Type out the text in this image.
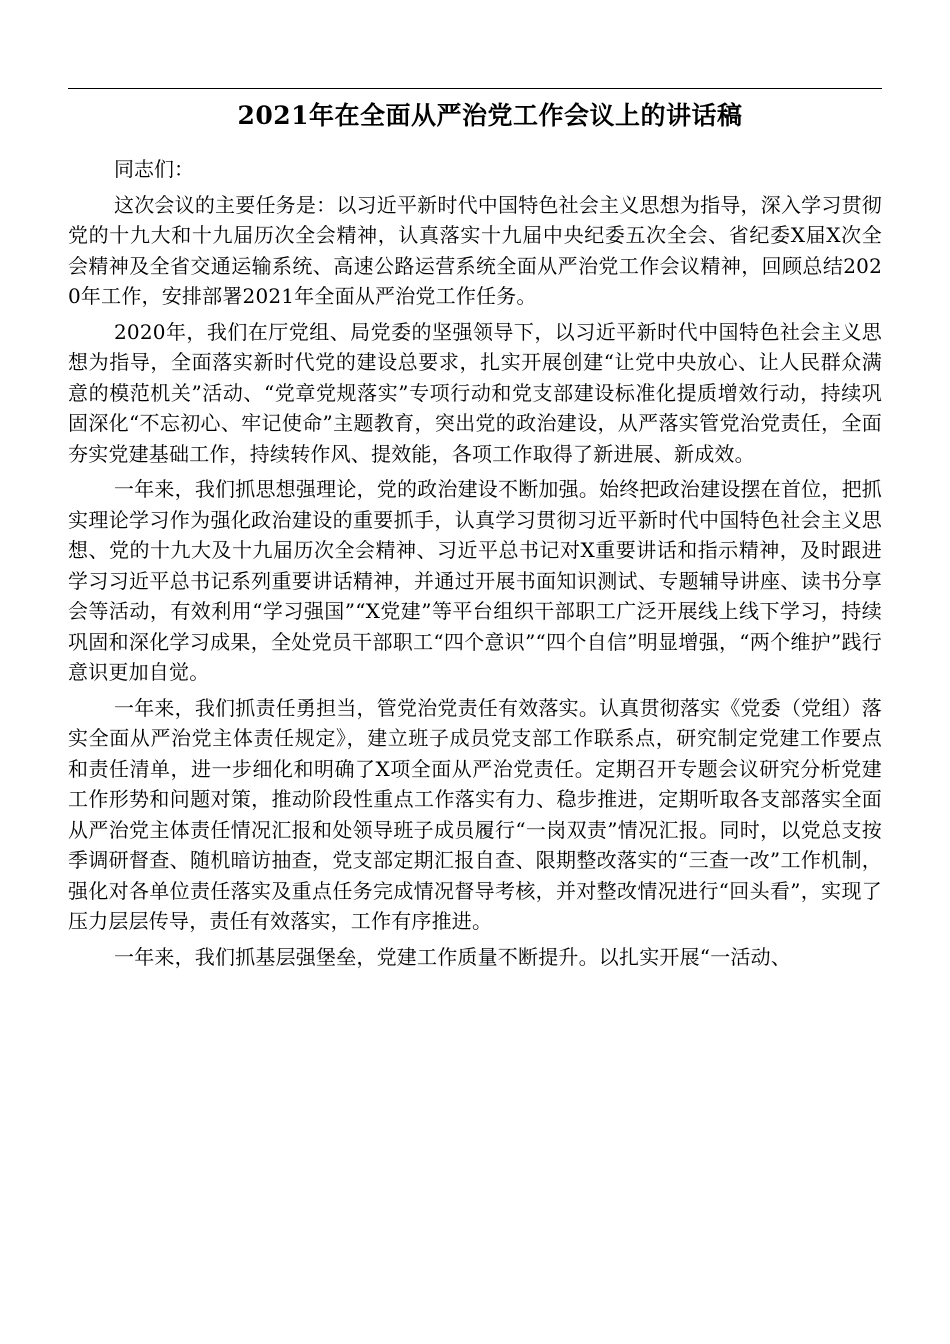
2021年在全面从严治党工作会议上的讲话稿

同志们：

这次会议的主要任务是：以习近平新时代中国特色社会主义思想为指导，深入学习贯彻党的十九大和十九届历次全会精神，认真落实十九届中央纪委五次全会、省纪委X届X次全会精神及全省交通运输系统、高速公路运营系统全面从严治党工作会议精神，回顾总结2020年工作，安排部署2021年全面从严治党工作任务。

2020年，我们在厅党组、局党委的坚强领导下，以习近平新时代中国特色社会主义思想为指导，全面落实新时代党的建设总要求，扎实开展创建“让党中央放心、让人民群众满意的模范机关”活动、“党章党规落实”专项行动和党支部建设标准化提质增效行动，持续巩固深化“不忘初心、牢记使命”主题教育，突出党的政治建设，从严落实管党治党责任，全面夯实党建基础工作，持续转作风、提效能，各项工作取得了新进展、新成效。

一年来，我们抓思想强理论，党的政治建设不断加强。始终把政治建设摆在首位，把抓实理论学习作为强化政治建设的重要抓手，认真学习贯彻习近平新时代中国特色社会主义思想、党的十九大及十九届历次全会精神、习近平总书记对X重要讲话和指示精神，及时跟进学习习近平总书记系列重要讲话精神，并通过开展书面知识测试、专题辅导讲座、读书分享会等活动，有效利用“学习强国”“X党建”等平台组织干部职工广泛开展线上线下学习，持续巩固和深化学习成果，全处党员干部职工“四个意识”“四个自信”明显增强，“两个维护”践行意识更加自觉。

一年来，我们抓责任勇担当，管党治党责任有效落实。认真贯彻落实《党委（党组）落实全面从严治党主体责任规定》，建立班子成员党支部工作联系点，研究制定党建工作要点和责任清单，进一步细化和明确了X项全面从严治党责任。定期召开专题会议研究分析党建工作形势和问题对策，推动阶段性重点工作落实有力、稳步推进，定期听取各支部落实全面从严治党主体责任情况汇报和处领导班子成员履行“一岗双责”情况汇报。同时，以党总支按季调研督查、随机暗访抽查，党支部定期汇报自查、限期整改落实的“三查一改”工作机制，强化对各单位责任落实及重点任务完成情况督导考核，并对整改情况进行“回头看”，实现了压力层层传导，责任有效落实，工作有序推进。

一年来，我们抓基层强堡垒，党建工作质量不断提升。以扎实开展“一活动、
